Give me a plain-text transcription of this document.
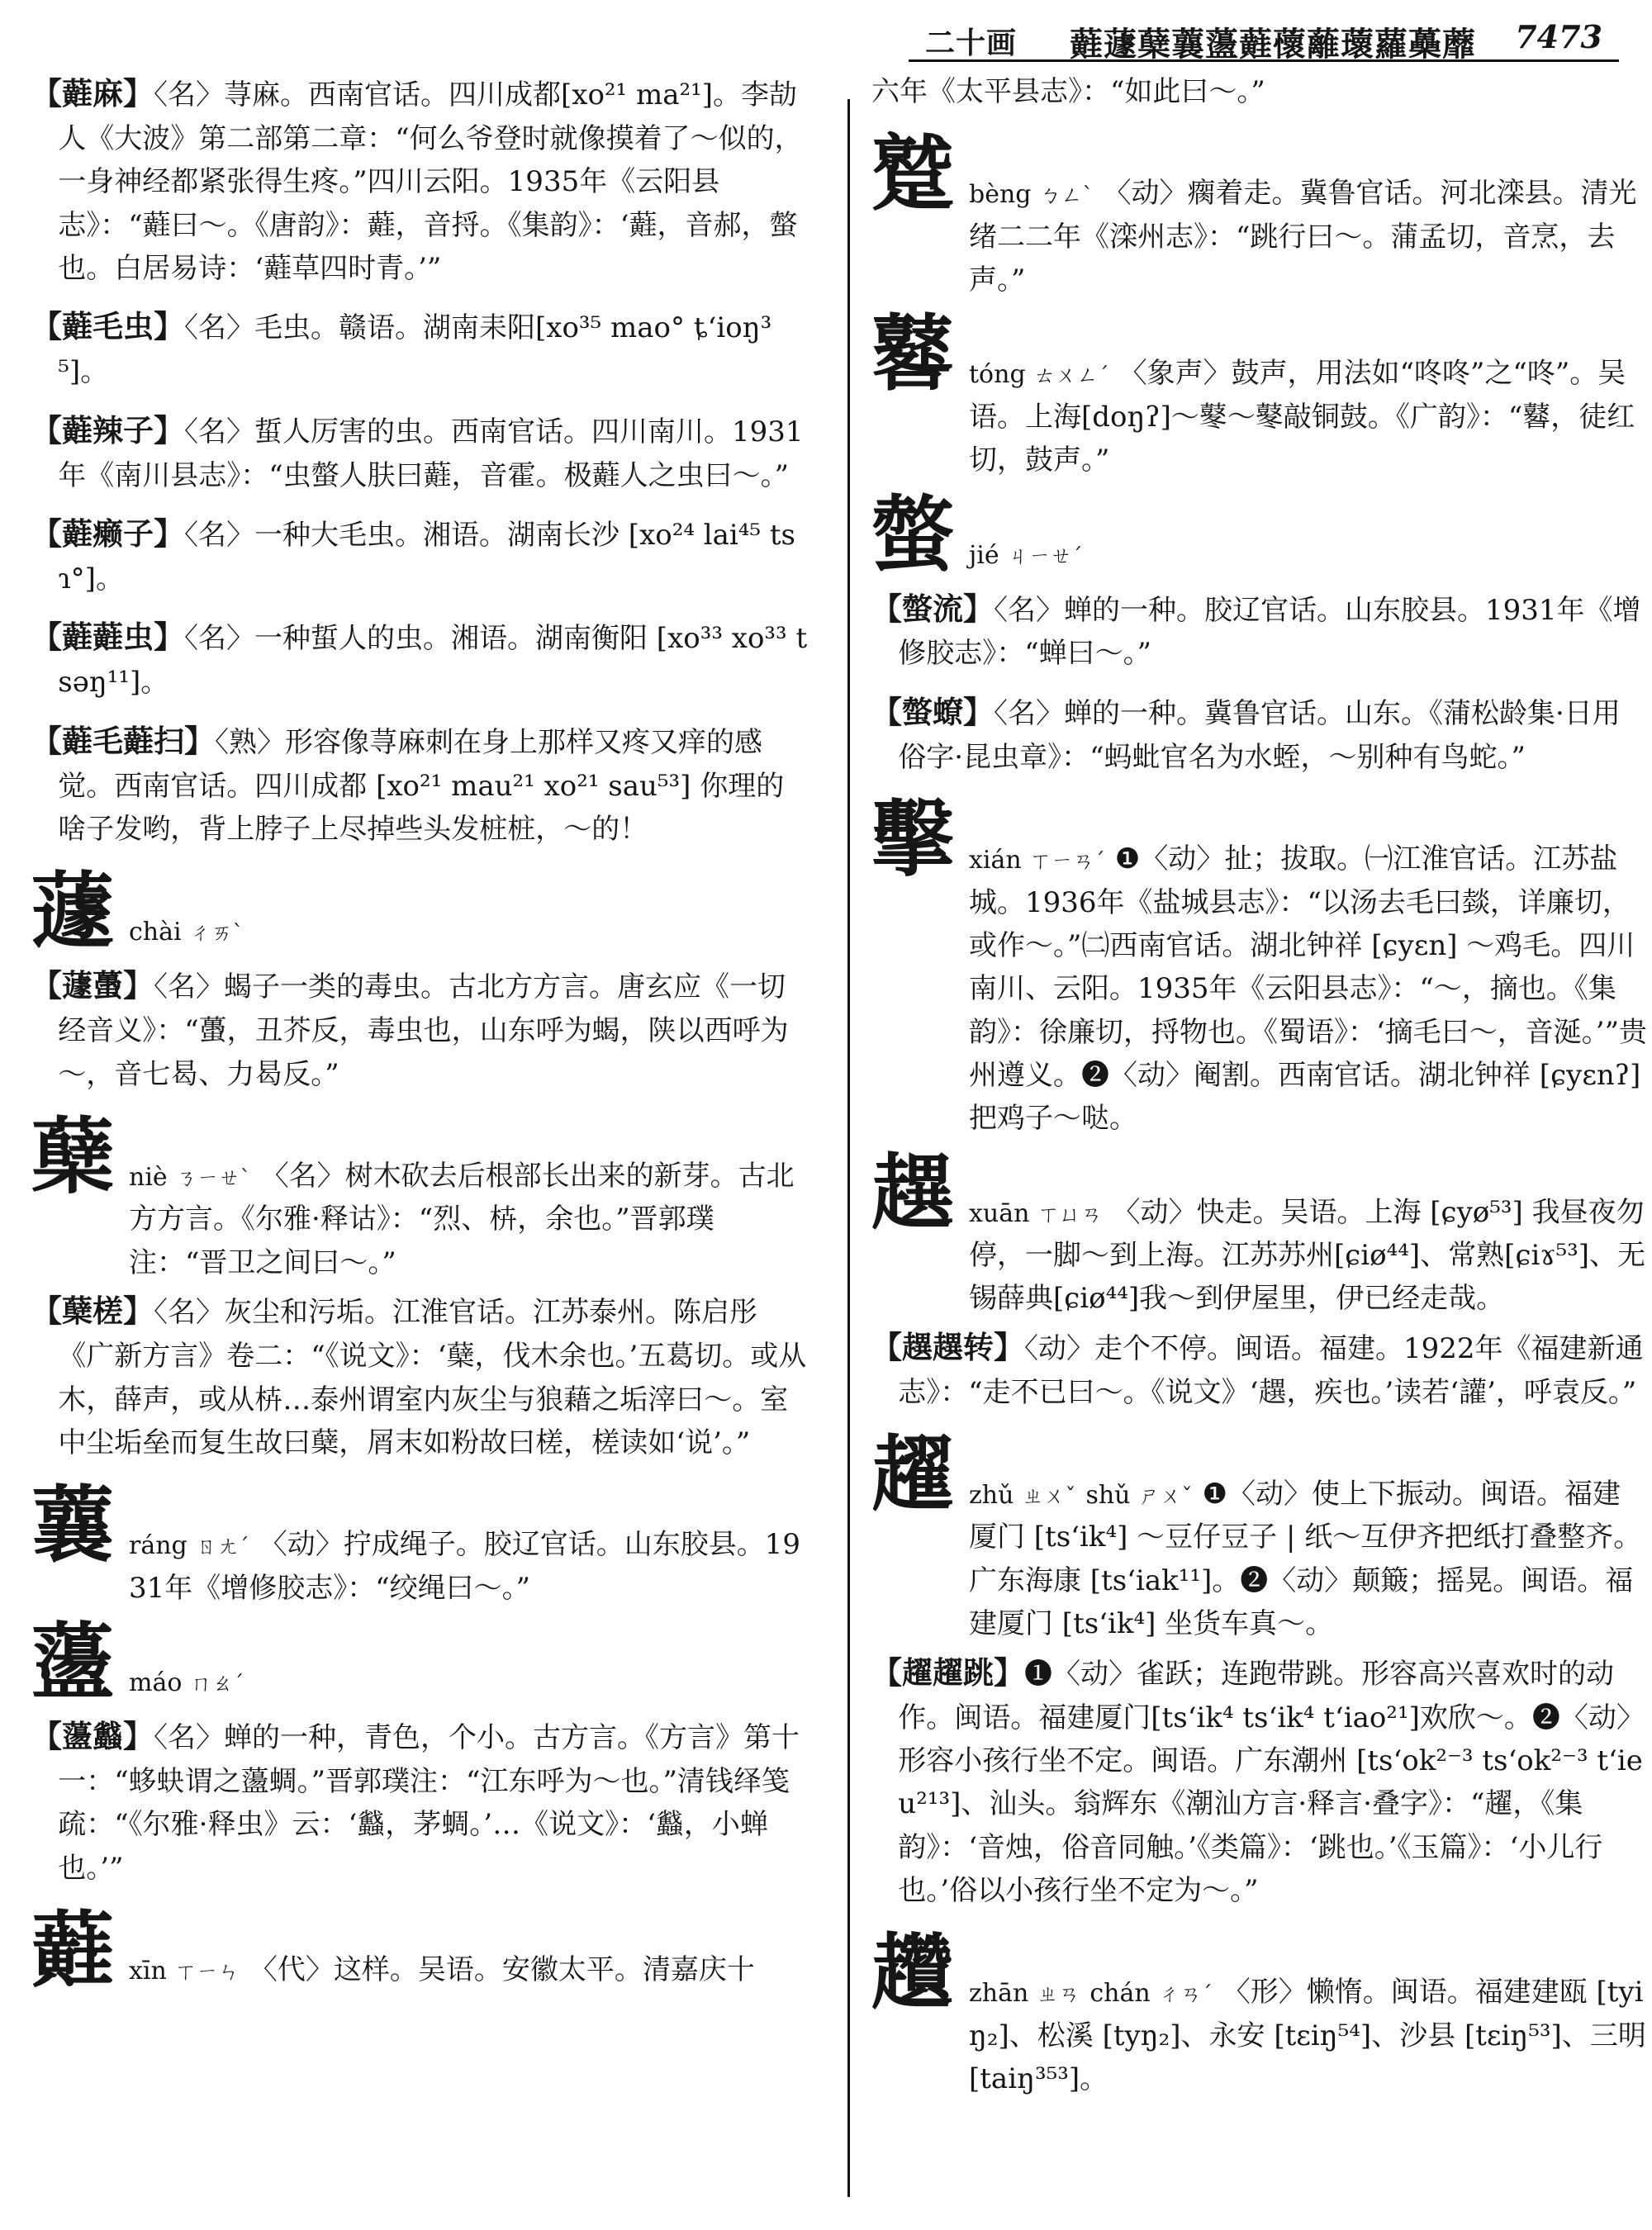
二十画 蘳蘧蘖蘘蘯蘳蘹蘺蘾蘿蘽蘼 7473
【蘳麻】〈名〉荨麻。西南官话。四川成都[xo²¹ ma²¹]。李劼人《大波》第二部第二章：“何么爷登时就像摸着了～似的，一身神经都紧张得生疼。”四川云阳。1935年《云阳县志》：“蘳曰～。《唐韵》：蘳，音捋。《集韵》：‘蘳，音郝，螫也。白居易诗：‘蘳草四时青。’”
【蘳毛虫】〈名〉毛虫。赣语。湖南耒阳[xo³⁵ mao° ȶ‘ioŋ³⁵]。
【蘳辣子】〈名〉蜇人厉害的虫。西南官话。四川南川。1931年《南川县志》：“虫螫人肤曰蘳，音霍。极蘳人之虫曰～。”
【蘳癞子】〈名〉一种大毛虫。湘语。湖南长沙 [xo²⁴ lai⁴⁵ tsɿ°]。
【蘳蘳虫】〈名〉一种蜇人的虫。湘语。湖南衡阳 [xo³³ xo³³ tsəŋ¹¹]。
【蘳毛蘳扫】〈熟〉形容像荨麻刺在身上那样又疼又痒的感觉。西南官话。四川成都 [xo²¹ mau²¹ xo²¹ sau⁵³] 你理的啥子发哟，背上脖子上尽掉些头发桩桩，～的！
蘧 chài ㄔㄞˋ
【蘧蠆】〈名〉蝎子一类的毒虫。古北方方言。唐玄应《一切经音义》：“蠆，丑芥反，毒虫也，山东呼为蝎，陕以西呼为～，音七曷、力曷反。”
蘖 niè ㄋㄧㄝˋ 〈名〉树木砍去后根部长出来的新芽。古北方方言。《尔雅·释诂》：“烈、枿，余也。”晋郭璞注：“晋卫之间曰～。”
【蘖槎】〈名〉灰尘和污垢。江淮官话。江苏泰州。陈启彤《广新方言》卷二：“《说文》：‘蘖，伐木余也。’五葛切。或从木，薛声，或从枿…泰州谓室内灰尘与狼藉之垢滓曰～。室中尘垢垒而复生故曰蘖，屑末如粉故曰槎，槎读如‘说’。”
蘘 ráng ㄖㄤˊ 〈动〉拧成绳子。胶辽官话。山东胶县。1931年《增修胶志》：“绞绳曰～。”
蘯 máo ㄇㄠˊ
【蘯蠽】〈名〉蝉的一种，青色，个小。古方言。《方言》第十一：“蛥蚗谓之蘯蜩。”晋郭璞注：“江东呼为～也。”清钱绎笺疏：“《尔雅·释虫》云：‘蠽，茅蜩。’…《说文》：‘蠽，小蝉也。’”
蘳 xīn ㄒㄧㄣ 〈代〉这样。吴语。安徽太平。清嘉庆十
六年《太平县志》：“如此曰～。”
蹵 bèng ㄅㄥˋ 〈动〉瘸着走。冀鲁官话。河北滦县。清光绪二二年《滦州志》：“跳行曰～。蒲孟切，音烹，去声。”
鼛 tóng ㄊㄨㄥˊ 〈象声〉鼓声，用法如“咚咚”之“咚”。吴语。上海[doŋʔ]～鼕～鼕敲铜鼓。《广韵》：“鼛，徒红切，鼓声。”
螫 jié ㄐㄧㄝˊ
【螫流】〈名〉蝉的一种。胶辽官话。山东胶县。1931年《增修胶志》：“蝉曰～。”
【螫蟟】〈名〉蝉的一种。冀鲁官话。山东。《蒲松龄集·日用俗字·昆虫章》：“蚂蚍官名为水蛭，～别种有鸟蛇。”
擊 xián ㄒㄧㄢˊ ❶〈动〉扯；拔取。㈠江淮官话。江苏盐城。1936年《盐城县志》：“以汤去毛曰燅，详廉切，或作～。”㈡西南官话。湖北钟祥 [ɕyɛn] ～鸡毛。四川南川、云阳。1935年《云阳县志》：“～，摘也。《集韵》：徐廉切，捋物也。《蜀语》：‘摘毛曰～，音涎。’”贵州遵义。❷〈动〉阉割。西南官话。湖北钟祥 [ɕyɛnʔ] 把鸡子～哒。
趩 xuān ㄒㄩㄢ 〈动〉快走。吴语。上海 [ɕyø⁵³] 我昼夜勿停，一脚～到上海。江苏苏州[ɕiø⁴⁴]、常熟[ɕiɤ⁵³]、无锡薛典[ɕiø⁴⁴]我～到伊屋里，伊已经走哉。
【趩趩转】〈动〉走个不停。闽语。福建。1922年《福建新通志》：“走不已曰～。《说文》‘趩，疾也。’读若‘讙’，呼袁反。”
趯 zhǔ ㄓㄨˇ shǔ ㄕㄨˇ ❶〈动〉使上下振动。闽语。福建厦门 [ts‘ik⁴] ～豆仔豆子 | 纸～互伊齐把纸打叠整齐。广东海康 [ts‘iak¹¹]。❷〈动〉颠簸；摇晃。闽语。福建厦门 [ts‘ik⁴] 坐货车真～。
【趯趯跳】❶〈动〉雀跃；连跑带跳。形容高兴喜欢时的动作。闽语。福建厦门[ts‘ik⁴ ts‘ik⁴ t‘iao²¹]欢欣～。❷〈动〉形容小孩行坐不定。闽语。广东潮州 [ts‘ok²⁻³ ts‘ok²⁻³ t‘ieu²¹³]、汕头。翁辉东《潮汕方言·释言·叠字》：“趯，《集韵》：‘音烛，俗音同触。’《类篇》：‘跳也。’《玉篇》：‘小儿行也。’俗以小孩行坐不定为～。”
趲 zhān ㄓㄢ chán ㄔㄢˊ 〈形〉懒惰。闽语。福建建瓯 [tyiŋ₂]、松溪 [tyŋ₂]、永安 [tɛiŋ⁵⁴]、沙县 [tɛiŋ⁵³]、三明[taiŋ³⁵³]。
